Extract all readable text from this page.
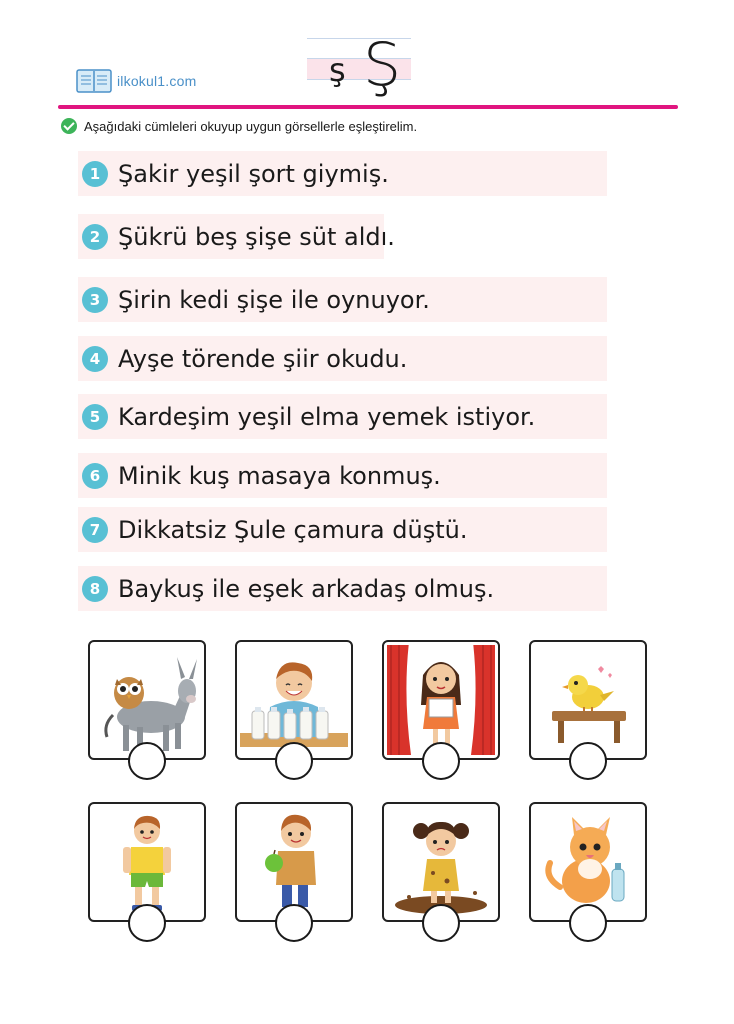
ilkokul1.com	ş Ş
Aşağıdaki cümleleri okuyup uygun görsellerle eşleştirelim.
1 Şakir yeşil şort giymiş.
2 Şükrü beş şişe süt aldı.
3 Şirin kedi şişe ile oynuyor.
4 Ayşe törende şiir okudu.
5 Kardeşim yeşil elma yemek istiyor.
6 Minik kuş masaya konmuş.
7 Dikkatsiz Şule çamura düştü.
8 Baykuş ile eşek arkadaş olmuş.
